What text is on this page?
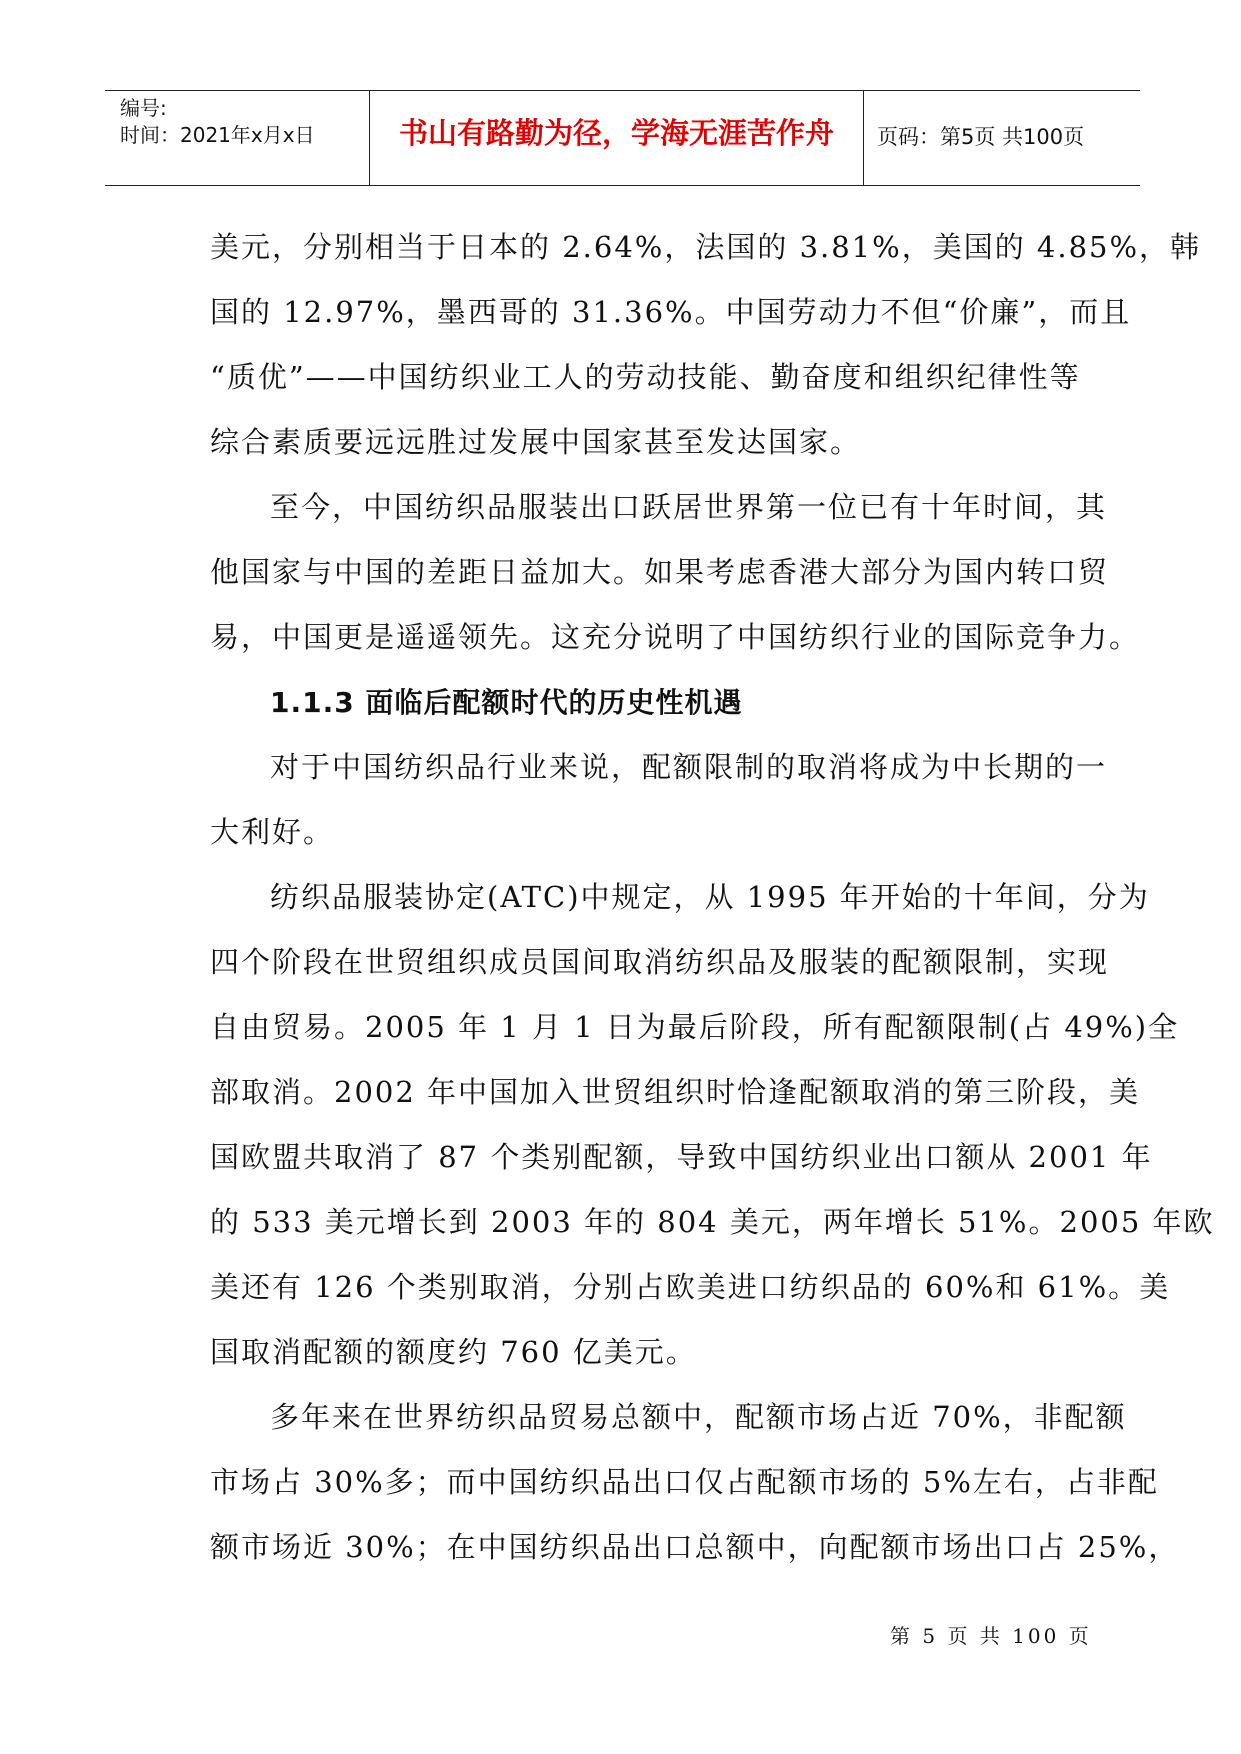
编号:
时间：2021年x月x日	书山有路勤为径，学海无涯苦作舟	页码：第5页 共100页
美元，分别相当于日本的 2.64%，法国的 3.81%，美国的 4.85%，韩
国的 12.97%，墨西哥的 31.36%。中国劳动力不但“价廉”，而且
“质优”——中国纺织业工人的劳动技能、勤奋度和组织纪律性等
综合素质要远远胜过发展中国家甚至发达国家。
至今，中国纺织品服装出口跃居世界第一位已有十年时间，其
他国家与中国的差距日益加大。如果考虑香港大部分为国内转口贸
易，中国更是遥遥领先。这充分说明了中国纺织行业的国际竞争力。
1.1.3 面临后配额时代的历史性机遇
对于中国纺织品行业来说，配额限制的取消将成为中长期的一
大利好。
纺织品服装协定(ATC)中规定，从 1995 年开始的十年间，分为
四个阶段在世贸组织成员国间取消纺织品及服装的配额限制，实现
自由贸易。2005 年 1 月 1 日为最后阶段，所有配额限制(占 49%)全
部取消。2002 年中国加入世贸组织时恰逢配额取消的第三阶段，美
国欧盟共取消了 87 个类别配额，导致中国纺织业出口额从 2001 年
的 533 美元增长到 2003 年的 804 美元，两年增长 51%。2005 年欧
美还有 126 个类别取消，分别占欧美进口纺织品的 60%和 61%。美
国取消配额的额度约 760 亿美元。
多年来在世界纺织品贸易总额中，配额市场占近 70%，非配额
市场占 30%多；而中国纺织品出口仅占配额市场的 5%左右，占非配
额市场近 30%；在中国纺织品出口总额中，向配额市场出口占 25%，
第 5 页 共 100 页
